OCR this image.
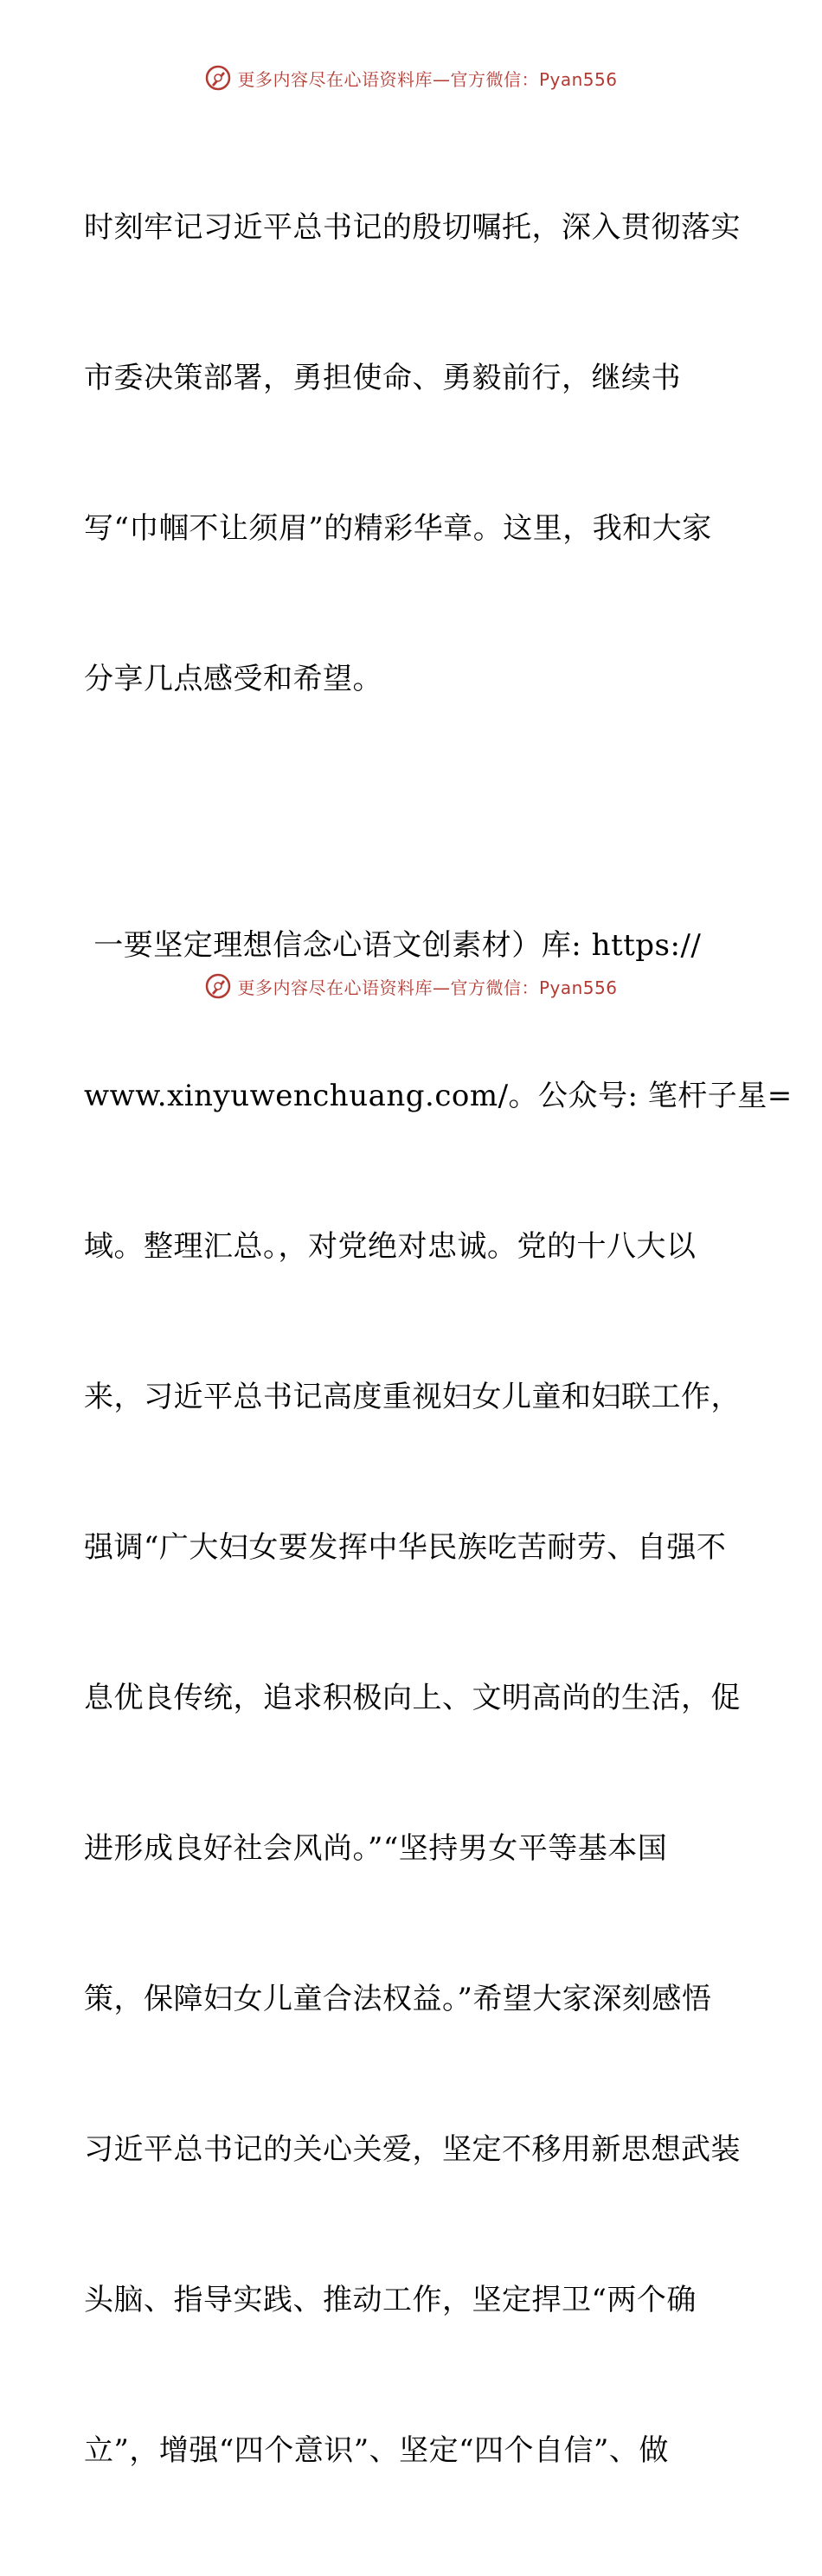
更多内容尽在心语资料库—官方微信：Pyan556

时刻牢记习近平总书记的殷切嘱托，深入贯彻落实

市委决策部署，勇担使命、勇毅前行，继续书

写“巾帼不让须眉”的精彩华章。这里，我和大家

分享几点感受和希望。

一要坚定理想信念心语文创素材）库: https://

www.xinyuwenchuang.com/。公众号: 笔杆子星=

域。整理汇总。，对党绝对忠诚。党的十八大以

来，习近平总书记高度重视妇女儿童和妇联工作，

强调“广大妇女要发挥中华民族吃苦耐劳、自强不

息优良传统，追求积极向上、文明高尚的生活，促

进形成良好社会风尚。”“坚持男女平等基本国

策，保障妇女儿童合法权益。”希望大家深刻感悟

习近平总书记的关心关爱，坚定不移用新思想武装

头脑、指导实践、推动工作，坚定捍卫“两个确

立”，增强“四个意识”、坚定“四个自信”、做

更多内容尽在心语资料库—官方微信：Pyan556
